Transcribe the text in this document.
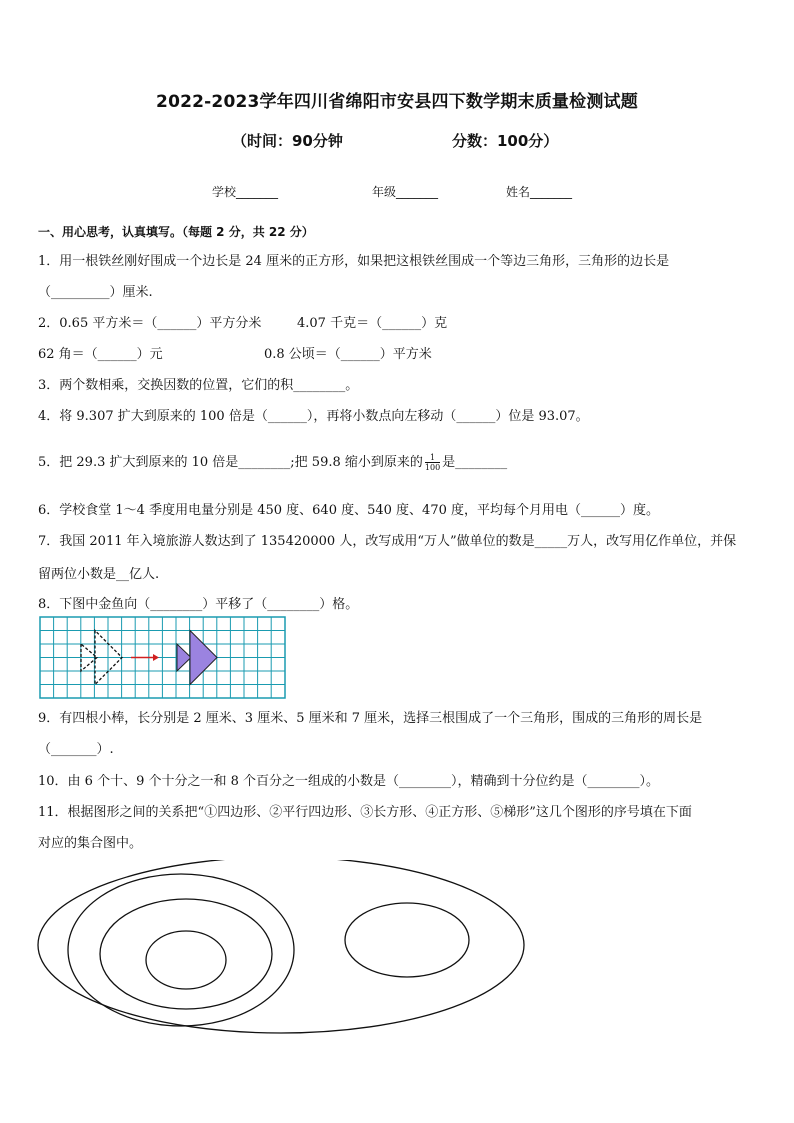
2022-2023学年四川省绵阳市安县四下数学期末质量检测试题
（时间：90分钟	分数：100分）
学校_______	年级_______	姓名_______
一、用心思考，认真填写。（每题 2 分，共 22 分）
1．用一根铁丝刚好围成一个边长是 24 厘米的正方形，如果把这根铁丝围成一个等边三角形，三角形的边长是
（_________）厘米.
2．0.65 平方米＝（______）平方分米	4.07 千克＝（______）克
62 角＝（______）元	0.8 公顷＝（______）平方米
3．两个数相乘，交换因数的位置，它们的积________。
4．将 9.307 扩大到原来的 100 倍是（______），再将小数点向左移动（______）位是 93.07。
5．把 29.3 扩大到原来的 10 倍是________;把 59.8 缩小到原来的 $\frac{1}{100}$ 是________
6．学校食堂 1～4 季度用电量分别是 450 度、640 度、540 度、470 度，平均每个月用电（______）度。
7．我国 2011 年入境旅游人数达到了 135420000 人，改写成用“万人”做单位的数是_____万人，改写用亿作单位，并保
留两位小数是__亿人.
8．下图中金鱼向（________）平移了（________）格。
9．有四根小棒，长分别是 2 厘米、3 厘米、5 厘米和 7 厘米，选择三根围成了一个三角形，围成的三角形的周长是
（_______）.
10．由 6 个十、9 个十分之一和 8 个百分之一组成的小数是（________），精确到十分位约是（________）。
11．根据图形之间的关系把“①四边形、②平行四边形、③长方形、④正方形、⑤梯形”这几个图形的序号填在下面
对应的集合图中。
